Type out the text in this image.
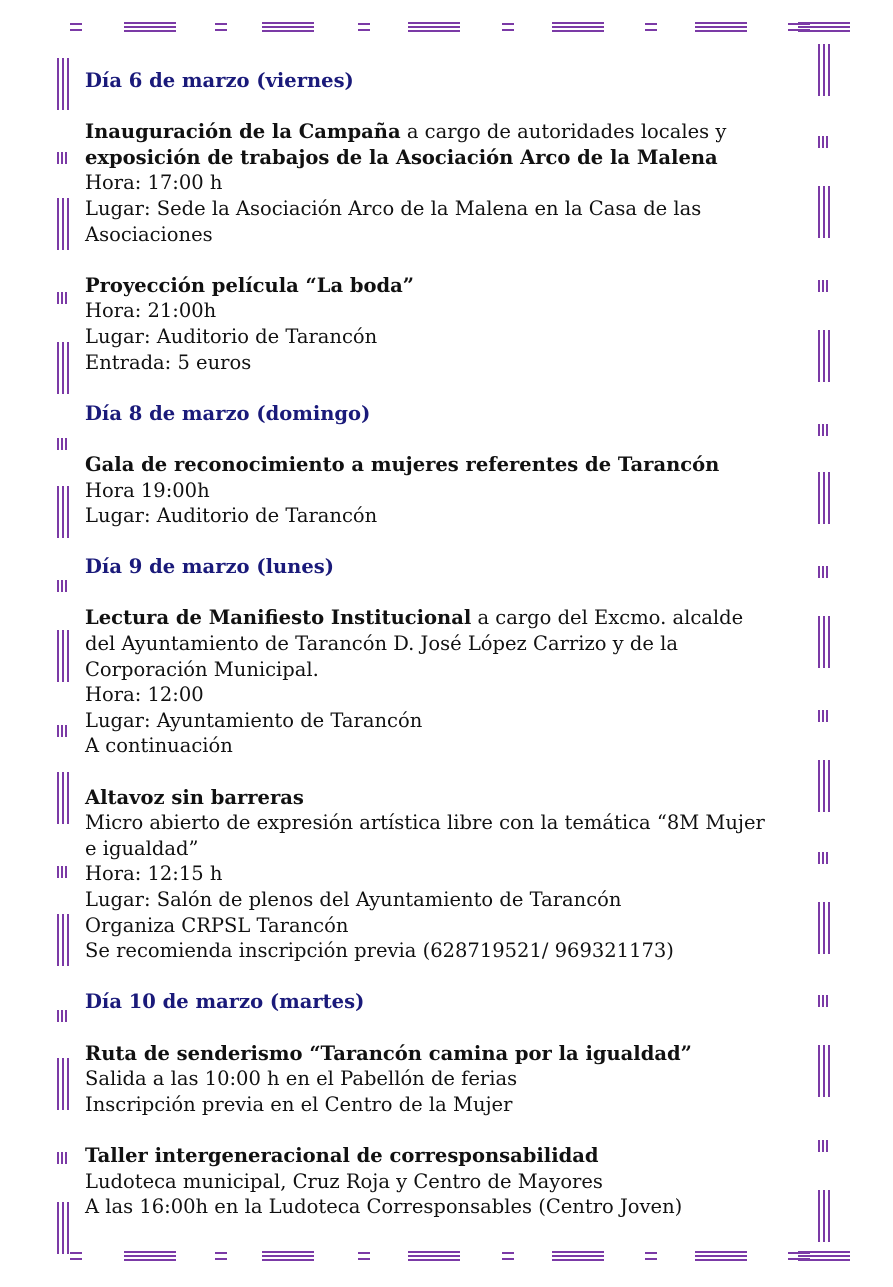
Día 6 de marzo (viernes)

Inauguración de la Campaña a cargo de autoridades locales y

exposición de trabajos de la Asociación Arco de la Malena

Hora: 17:00 h

Lugar: Sede la Asociación Arco de la Malena en la Casa de las

Asociaciones

Proyección película “La boda”

Hora: 21:00h

Lugar: Auditorio de Tarancón

Entrada: 5 euros

Día 8 de marzo (domingo)

Gala de reconocimiento a mujeres referentes de Tarancón

Hora 19:00h

Lugar: Auditorio de Tarancón

Día 9 de marzo (lunes)

Lectura de Manifiesto Institucional a cargo del Excmo. alcalde

del Ayuntamiento de Tarancón D. José López Carrizo y de la

Corporación Municipal.

Hora: 12:00

Lugar: Ayuntamiento de Tarancón

A continuación

Altavoz sin barreras

Micro abierto de expresión artística libre con la temática “8M Mujer

e igualdad”

Hora: 12:15 h

Lugar: Salón de plenos del Ayuntamiento de Tarancón

Organiza CRPSL Tarancón

Se recomienda inscripción previa (628719521/ 969321173)

Día 10 de marzo (martes)

Ruta de senderismo “Tarancón camina por la igualdad”

Salida a las 10:00 h en el Pabellón de ferias

Inscripción previa en el Centro de la Mujer

Taller intergeneracional de corresponsabilidad

Ludoteca municipal, Cruz Roja y Centro de Mayores

A las 16:00h en la Ludoteca Corresponsables (Centro Joven)
